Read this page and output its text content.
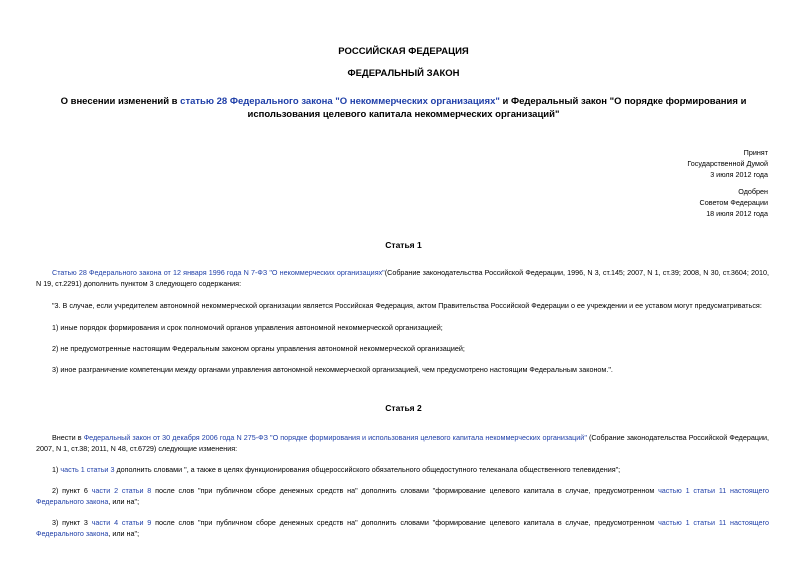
РОССИЙСКАЯ ФЕДЕРАЦИЯ
ФЕДЕРАЛЬНЫЙ ЗАКОН
О внесении изменений в статью 28 Федерального закона "О некоммерческих организациях" и Федеральный закон "О порядке формирования и использования целевого капитала некоммерческих организаций"
Принят
Государственной Думой
3 июля 2012 года
Одобрен
Советом Федерации
18 июля 2012 года
Статья 1
Статью 28 Федерального закона от 12 января 1996 года N 7-ФЗ "О некоммерческих организациях"(Собрание законодательства Российской Федерации, 1996, N 3, ст.145; 2007, N 1, ст.39; 2008, N 30, ст.3604; 2010, N 19, ст.2291) дополнить пунктом 3 следующего содержания:
"3. В случае, если учредителем автономной некоммерческой организации является Российская Федерация, актом Правительства Российской Федерации о ее учреждении и ее уставом могут предусматриваться:
1) иные порядок формирования и срок полномочий органов управления автономной некоммерческой организацией;
2) не предусмотренные настоящим Федеральным законом органы управления автономной некоммерческой организацией;
3) иное разграничение компетенции между органами управления автономной некоммерческой организацией, чем предусмотрено настоящим Федеральным законом.".
Статья 2
Внести в Федеральный закон от 30 декабря 2006 года N 275-ФЗ "О порядке формирования и использования целевого капитала некоммерческих организаций" (Собрание законодательства Российской Федерации, 2007, N 1, ст.38; 2011, N 48, ст.6729) следующие изменения:
1) часть 1 статьи 3 дополнить словами ", а также в целях функционирования общероссийского обязательного общедоступного телеканала общественного телевидения";
2) пункт 6 части 2 статьи 8 после слов "при публичном сборе денежных средств на" дополнить словами "формирование целевого капитала в случае, предусмотренном частью 1 статьи 11 настоящего Федерального закона, или на";
3) пункт 3 части 4 статьи 9 после слов "при публичном сборе денежных средств на" дополнить словами "формирование целевого капитала в случае, предусмотренном частью 1 статьи 11 настоящего Федерального закона, или на";
